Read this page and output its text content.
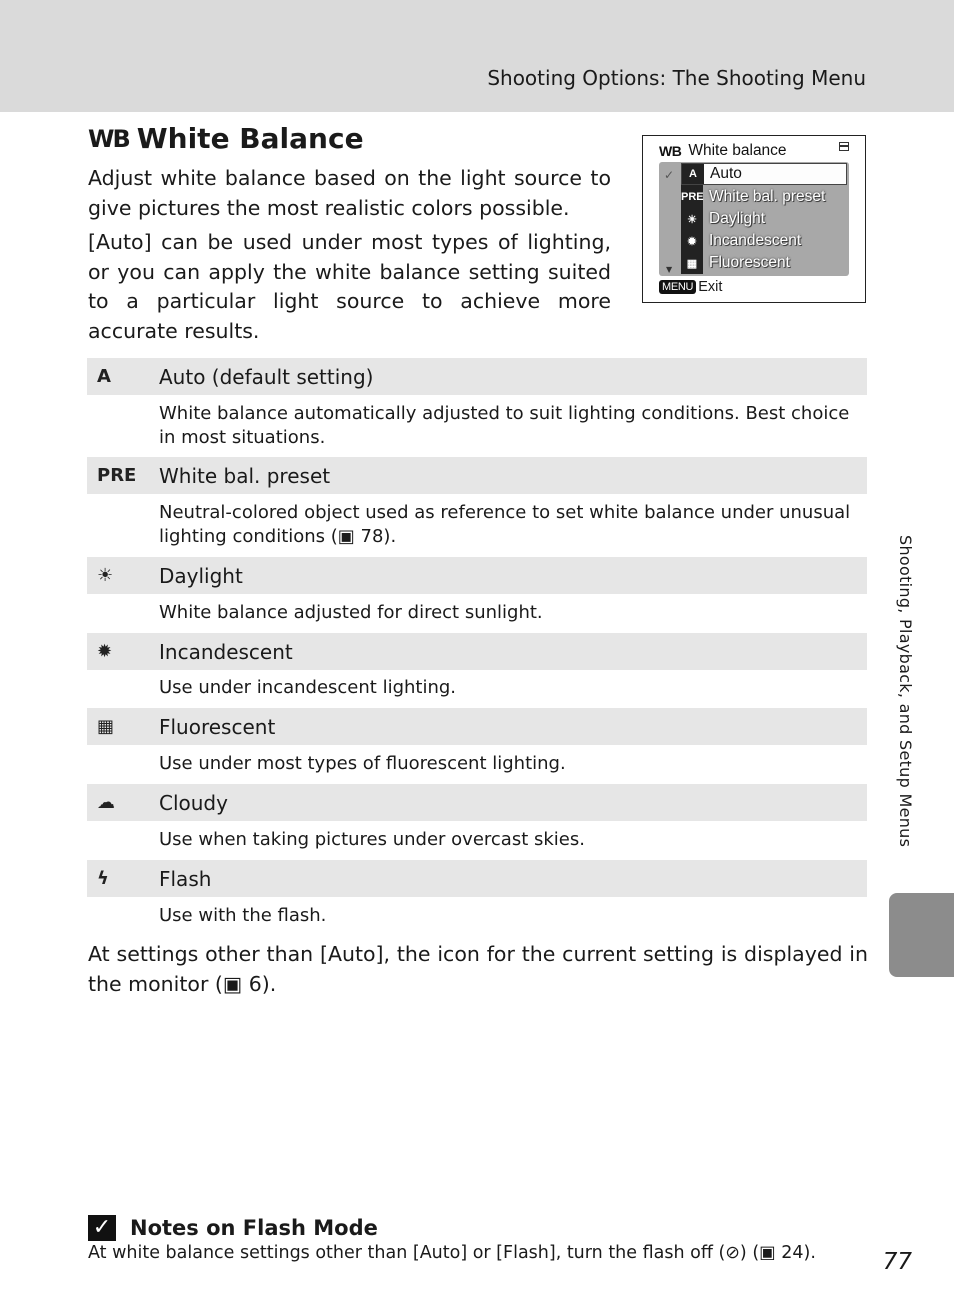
Shooting Options: The Shooting Menu
Shooting, Playback, and Setup Menus
WB White Balance

Adjust white balance based on the light source to give pictures the most realistic colors possible.

[Auto] can be used under most types of lighting, or you can apply the white balance setting suited to a particular light source to achieve more accurate results.

WB White balance
✓
▼
A Auto
PRE White bal. preset
☀ Daylight
✹ Incandescent
▦ Fluorescent
MENU Exit
A	Auto (default setting)
White balance automatically adjusted to suit lighting conditions. Best choice in most situations.
PRE	White bal. preset
Neutral-colored object used as reference to set white balance under unusual lighting conditions (▣ 78).
☀	Daylight
White balance adjusted for direct sunlight.
✹	Incandescent
Use under incandescent lighting.
▦	Fluorescent
Use under most types of fluorescent lighting.
☁	Cloudy
Use when taking pictures under overcast skies.
ϟ	Flash
Use with the flash.

At settings other than [Auto], the icon for the current setting is displayed in the monitor (▣ 6).

✓ Notes on Flash Mode
At white balance settings other than [Auto] or [Flash], turn the flash off (⊘) (▣ 24).	77
